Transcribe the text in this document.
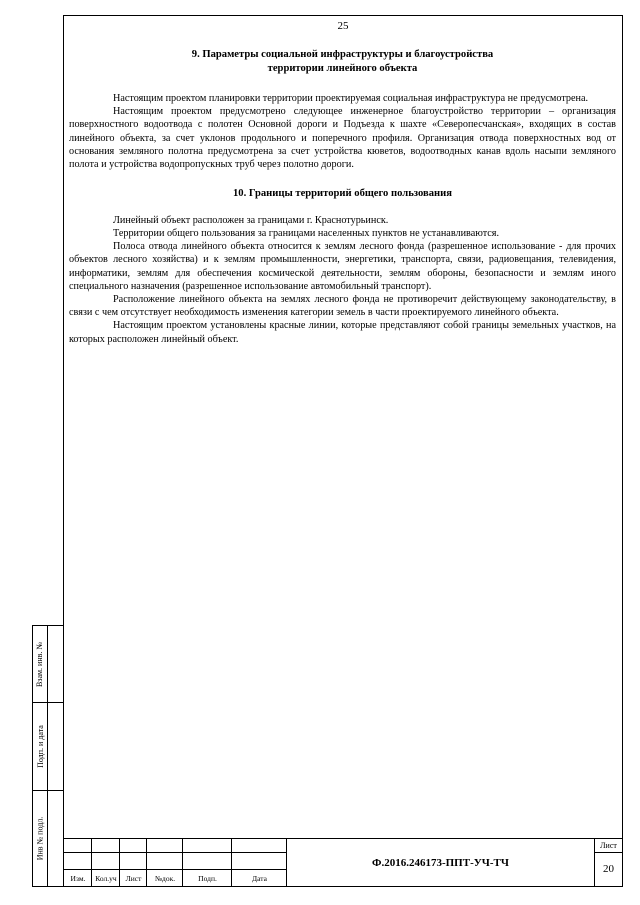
25
9. Параметры социальной инфраструктуры и благоустройства
территории линейного объекта

Настоящим проектом планировки территории проектируемая социальная инфраструктура не предусмотрена.

Настоящим проектом предусмотрено следующее инженерное благоустройство территории – организация поверхностного водоотвода с полотен Основной дороги и Подъезда к шахте «Северопесчанская», входящих в состав линейного объекта, за счет уклонов продольного и поперечного профиля. Организация отвода поверхностных вод от основания земляного полотна предусмотрена за счет устройства кюветов, водоотводных канав вдоль насыпи земляного полота и устройства водопропускных труб через полотно дороги.

10. Границы территорий общего пользования

Линейный объект расположен за границами г. Краснотурьинск.

Территории общего пользования за границами населенных пунктов не устанавливаются.

Полоса отвода линейного объекта относится к землям лесного фонда (разрешенное использование - для прочих объектов лесного хозяйства) и к землям промышленности, энергетики, транспорта, связи, радиовещания, телевидения, информатики, землям для обеспечения космической деятельности, землям обороны, безопасности и землям иного специального назначения (разрешенное использование автомобильный транспорт).

Расположение линейного объекта на землях лесного фонда не противоречит действующему законодательству, в связи с чем отсутствует необходимость изменения категории земель в части проектируемого линейного объекта.

Настоящим проектом установлены красные линии, которые представляют собой границы земельных участков, на которых расположен линейный объект.

Взам. инв. №
Подп. и дата
Инв № подл.
Изм.	Кол.уч	Лист	№док.	Подп.	Дата
Ф.2016.246173-ППТ-УЧ-ТЧ
Лист
20
